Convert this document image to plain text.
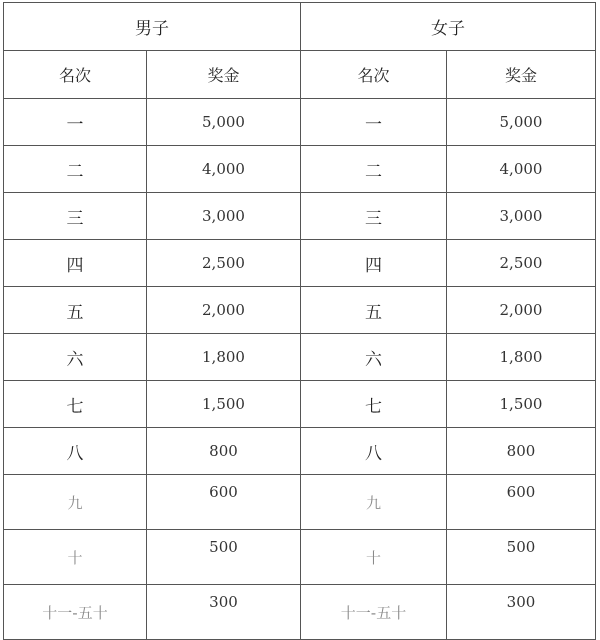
男子		女子	
名次	奖金	名次	奖金
一	5,000	一	5,000
二	4,000	二	4,000
三	3,000	三	3,000
四	2,500	四	2,500
五	2,000	五	2,000
六	1,800	六	1,800
七	1,500	七	1,500
八	800	八	800
九	600	九	600
十	500	十	500
十一-五十	300	十一-五十	300
